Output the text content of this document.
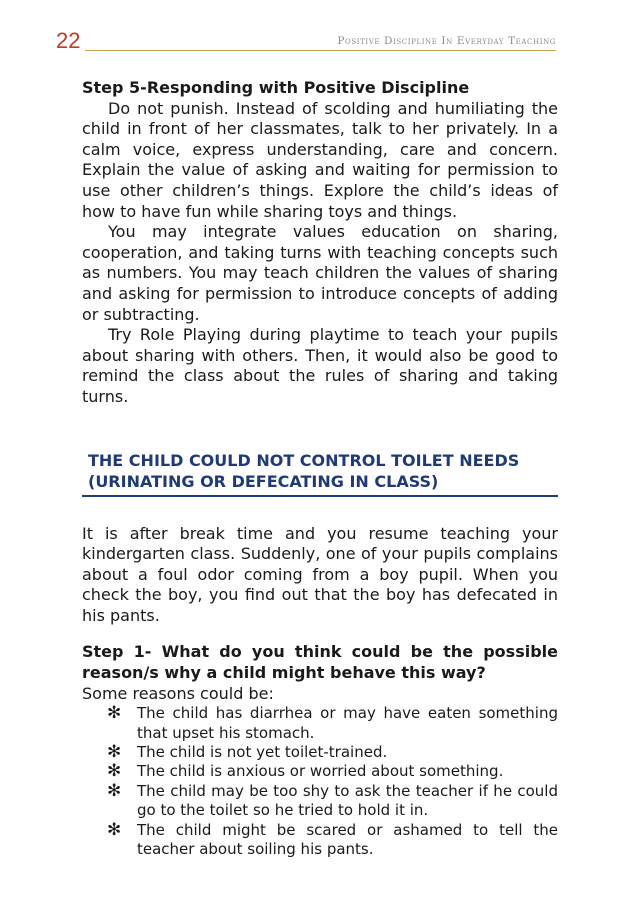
22	Positive Discipline In Everyday Teaching
Step 5-Responding with Positive Discipline

Do not punish. Instead of scolding and humiliating the child in front of her classmates, talk to her privately. In a calm voice, express understanding, care and concern. Explain the value of asking and waiting for permission to use other children’s things. Explore the child’s ideas of how to have fun while sharing toys and things.

You may integrate values education on sharing, cooperation, and taking turns with teaching concepts such as numbers. You may teach children the values of sharing and asking for permission to introduce concepts of adding or subtracting.

Try Role Playing during playtime to teach your pupils about sharing with others. Then, it would also be good to remind the class about the rules of sharing and taking turns.

THE CHILD COULD NOT CONTROL TOILET NEEDS
(URINATING OR DEFECATING IN CLASS)

It is after break time and you resume teaching your kindergarten class. Suddenly, one of your pupils complains about a foul odor coming from a boy pupil. When you check the boy, you find out that the boy has defecated in his pants.

Step 1- What do you think could be the possible reason/s why a child might behave this way?

Some reasons could be:

✻ The child has diarrhea or may have eaten something that upset his stomach.
✻ The child is not yet toilet-trained.
✻ The child is anxious or worried about something.
✻ The child may be too shy to ask the teacher if he could go to the toilet so he tried to hold it in.
✻ The child might be scared or ashamed to tell the teacher about soiling his pants.
